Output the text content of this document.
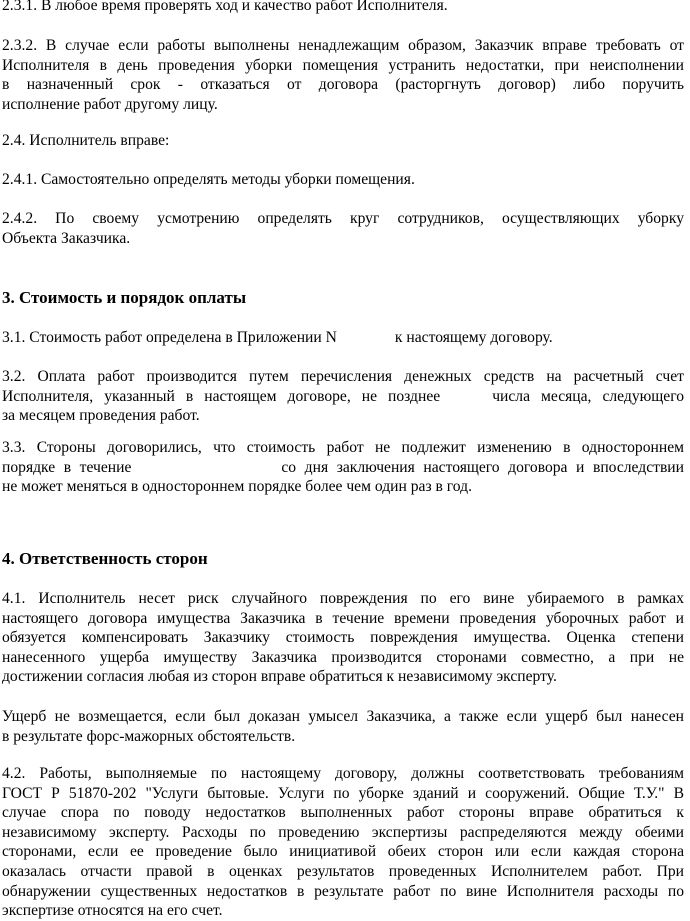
2.3.1. В любое время проверять ход и качество работ Исполнителя.

2.3.2. В случае если работы выполнены ненадлежащим образом, Заказчик вправе требовать от
Исполнителя в день проведения уборки помещения устранить недостатки, при неисполнении
в назначенный срок - отказаться от договора (расторгнуть договор) либо поручить
исполнение работ другому лицу.

2.4. Исполнитель вправе:

2.4.1. Самостоятельно определять методы уборки помещения.

2.4.2. По своему усмотрению определять круг сотрудников, осуществляющих уборку
Объекта Заказчика.

3. Стоимость и порядок оплаты

3.1. Стоимость работ определена в Приложении N	к настоящему договору.

3.2. Оплата работ производится путем перечисления денежных средств на расчетный счет
Исполнителя, указанный в настоящем договоре, не позднее	числа месяца, следующего
за месяцем проведения работ.

3.3. Стороны договорились, что стоимость работ не подлежит изменению в одностороннем
порядке в течение	со дня заключения настоящего договора и впоследствии
не может меняться в одностороннем порядке более чем один раз в год.

4. Ответственность сторон

4.1. Исполнитель несет риск случайного повреждения по его вине убираемого в рамках
настоящего договора имущества Заказчика в течение времени проведения уборочных работ и
обязуется компенсировать Заказчику стоимость повреждения имущества. Оценка степени
нанесенного ущерба имуществу Заказчика производится сторонами совместно, а при не
достижении согласия любая из сторон вправе обратиться к независимому эксперту.

Ущерб не возмещается, если был доказан умысел Заказчика, а также если ущерб был нанесен
в результате форс-мажорных обстоятельств.

4.2. Работы, выполняемые по настоящему договору, должны соответствовать требованиям
ГОСТ Р 51870-202 "Услуги бытовые. Услуги по уборке зданий и сооружений. Общие Т.У." В
случае спора по поводу недостатков выполненных работ стороны вправе обратиться к
независимому эксперту. Расходы по проведению экспертизы распределяются между обеими
сторонами, если ее проведение было инициативой обеих сторон или если каждая сторона
оказалась отчасти правой в оценках результатов проведенных Исполнителем работ. При
обнаружении существенных недостатков в результате работ по вине Исполнителя расходы по
экспертизе относятся на его счет.
